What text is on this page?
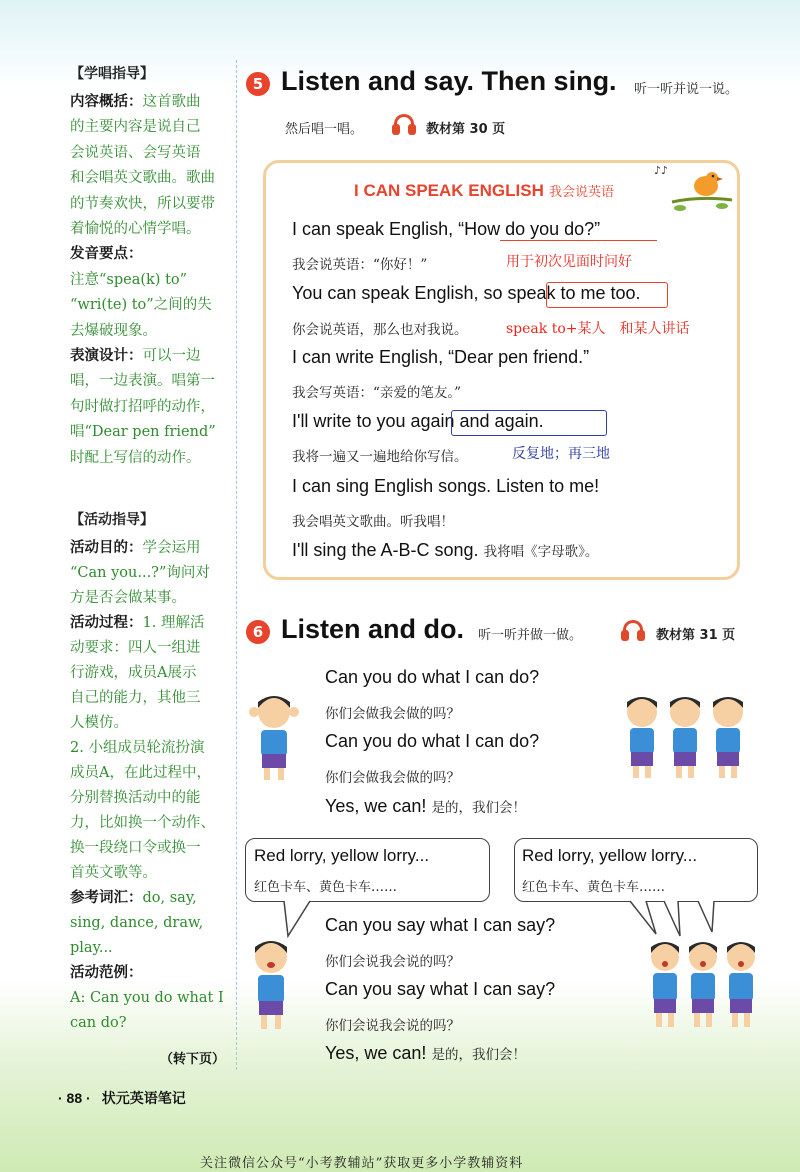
【学唱指导】
内容概括：这首歌曲
的主要内容是说自己
会说英语、会写英语
和会唱英文歌曲。歌曲
的节奏欢快，所以要带
着愉悦的心情学唱。
发音要点：
注意“spea(k) to”
“wri(te) to”之间的失
去爆破现象。
表演设计：可以一边
唱，一边表演。唱第一
句时做打招呼的动作，
唱“Dear pen friend”
时配上写信的动作。
【活动指导】
活动目的：学会运用
“Can you...?”询问对
方是否会做某事。
活动过程：1. 理解活
动要求：四人一组进
行游戏，成员A展示
自己的能力，其他三
人模仿。
2. 小组成员轮流扮演
成员A，在此过程中，
分别替换活动中的能
力，比如换一个动作、
换一段绕口令或换一
首英文歌等。
参考词汇：do, say,
sing, dance, draw,
play...
活动范例：
A: Can you do what I
can do?
5 Listen and say. Then sing. 听一听并说一说。
然后唱一唱。	教材第 30 页
I CAN SPEAK ENGLISH 我会说英语
♪♪
I can speak English, “How do you do?”
我会说英语：“你好！”	用于初次见面时问好
You can speak English, so speak to me too.
你会说英语，那么也对我说。	speak to+某人　和某人讲话
I can write English, “Dear pen friend.”
我会写英语：“亲爱的笔友。”
I'll write to you again and again.
我将一遍又一遍地给你写信。	反复地；再三地
I can sing English songs. Listen to me!
我会唱英文歌曲。听我唱！
I'll sing the A-B-C song. 我将唱《字母歌》。
6 Listen and do. 听一听并做一做。	教材第 31 页
Can you do what I can do?
你们会做我会做的吗？
Can you do what I can do?
你们会做我会做的吗？
Yes, we can! 是的，我们会！
Red lorry, yellow lorry...
红色卡车、黄色卡车……
Red lorry, yellow lorry...
红色卡车、黄色卡车……
Can you say what I can say?
你们会说我会说的吗？
Can you say what I can say?
你们会说我会说的吗？
Yes, we can! 是的，我们会！
· 88 · 状元英语笔记
（转下页）
关注微信公众号“小考教辅站”获取更多小学教辅资料
